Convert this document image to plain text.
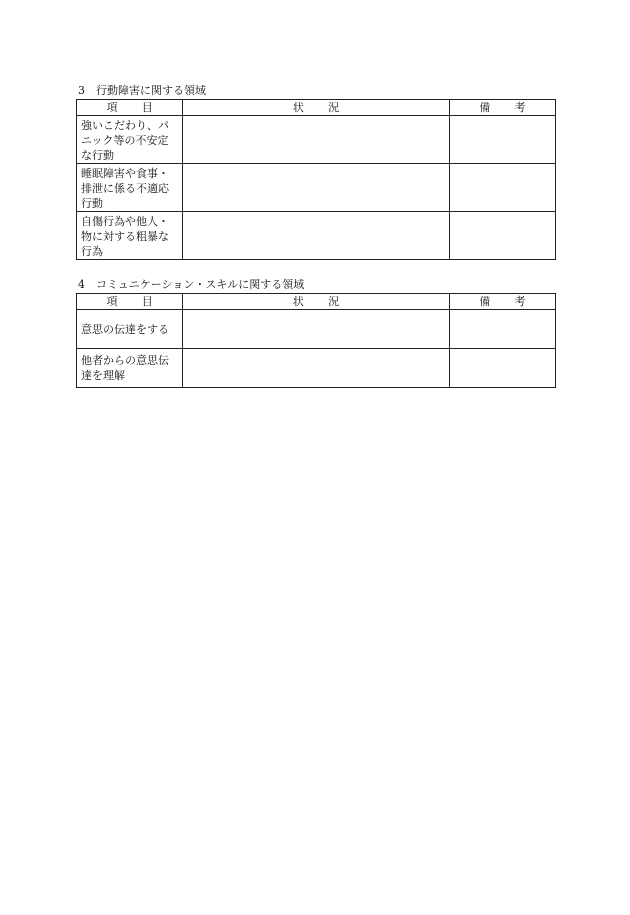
3　行動障害に関する領域

項　目	状　況	備　考
強いこだわり、パニック等の不安定な行動		
睡眠障害や食事・排泄に係る不適応行動		
自傷行為や他人・物に対する粗暴な行為		

4　コミュニケーション・スキルに関する領域

項　目	状　況	備　考
意思の伝達をする		
他者からの意思伝達を理解		
